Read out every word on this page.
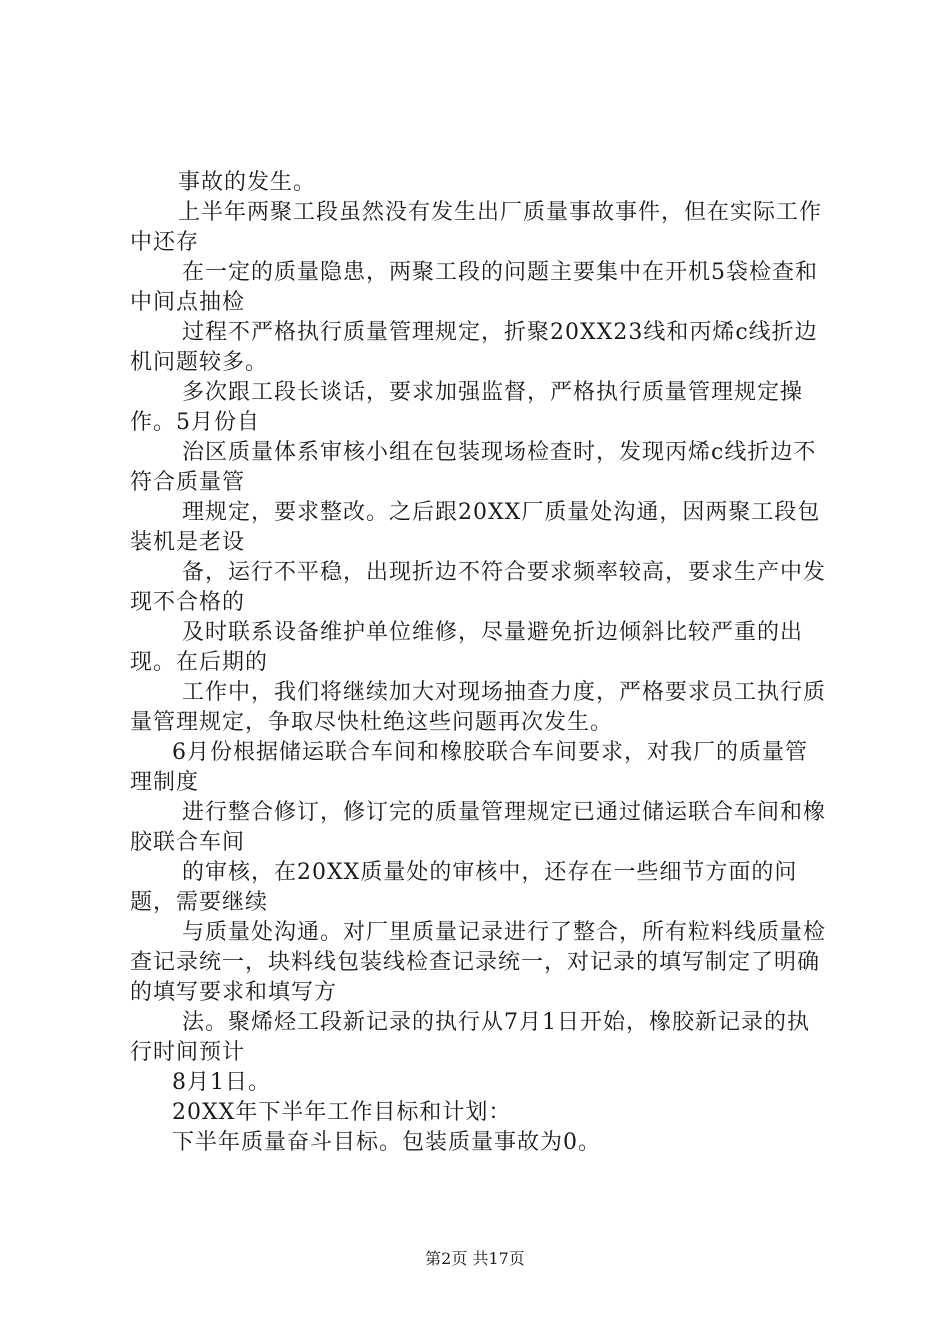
事故的发生。

上半年两聚工段虽然没有发生出厂质量事故事件，但在实际工作中还存

在一定的质量隐患，两聚工段的问题主要集中在开机5袋检查和中间点抽检

过程不严格执行质量管理规定，折聚20XX23线和丙烯c线折边机问题较多。

多次跟工段长谈话，要求加强监督，严格执行质量管理规定操作。5月份自

治区质量体系审核小组在包装现场检查时，发现丙烯c线折边不符合质量管

理规定，要求整改。之后跟20XX厂质量处沟通，因两聚工段包装机是老设

备，运行不平稳，出现折边不符合要求频率较高，要求生产中发现不合格的

及时联系设备维护单位维修，尽量避免折边倾斜比较严重的出现。在后期的

工作中，我们将继续加大对现场抽查力度，严格要求员工执行质量管理规定，争取尽快杜绝这些问题再次发生。

6月份根据储运联合车间和橡胶联合车间要求，对我厂的质量管理制度

进行整合修订，修订完的质量管理规定已通过储运联合车间和橡胶联合车间

的审核，在20XX质量处的审核中，还存在一些细节方面的问题，需要继续

与质量处沟通。对厂里质量记录进行了整合，所有粒料线质量检查记录统一，块料线包装线检查记录统一，对记录的填写制定了明确的填写要求和填写方

法。聚烯烃工段新记录的执行从7月1日开始，橡胶新记录的执行时间预计

8月1日。

20XX年下半年工作目标和计划：

下半年质量奋斗目标。包装质量事故为0。

第2页 共17页
